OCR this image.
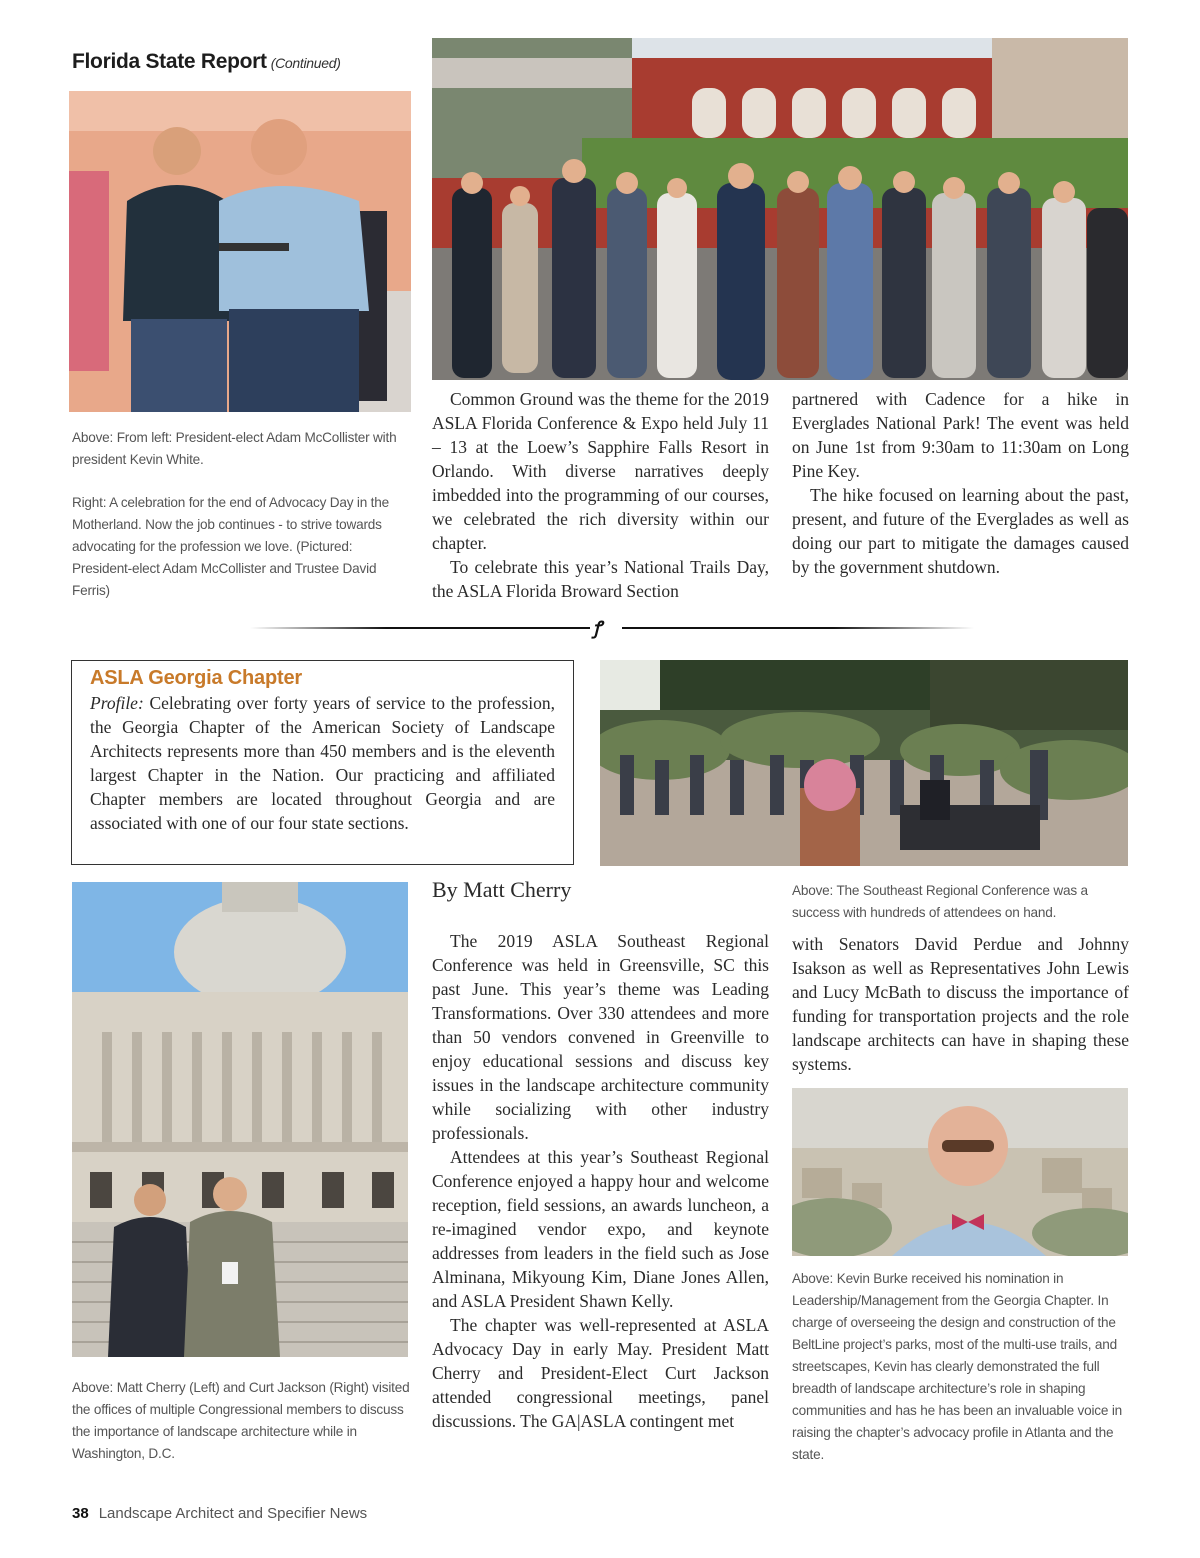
Florida State Report (Continued)
Above: From left: President-elect Adam McCollister with president Kevin White.
Right: A celebration for the end of Advocacy Day in the Motherland. Now the job continues - to strive towards advocating for the profession we love. (Pictured: President-elect Adam McCollister and Trustee David Ferris)

Common Ground was the theme for the 2019 ASLA Florida Conference & Expo held July 11 – 13 at the Loew’s Sapphire Falls Resort in Orlando. With diverse narratives deeply imbedded into the programming of our courses, we celebrated the rich diversity within our chapter.

To celebrate this year’s National Trails Day, the ASLA Florida Broward Section

partnered with Cadence for a hike in Everglades National Park! The event was held on June 1st from 9:30am to 11:30am on Long Pine Key.

The hike focused on learning about the past, present, and future of the Everglades as well as doing our part to mitigate the damages caused by the government shutdown.

ꝭ
ASLA Georgia Chapter
Profile: Celebrating over forty years of service to the profession, the Georgia Chapter of the American Society of Landscape Architects represents more than 450 members and is the eleventh largest Chapter in the Nation. Our practicing and affiliated Chapter members are located throughout Georgia and are associated with one of our four state sections.
Above: The Southeast Regional Conference was a success with hundreds of attendees on hand.
By Matt Cherry
Above: Matt Cherry (Left) and Curt Jackson (Right) visited the offices of multiple Congressional members to discuss the importance of landscape architecture while in Washington, D.C.

The 2019 ASLA Southeast Regional Conference was held in Greensville, SC this past June. This year’s theme was Leading Transformations. Over 330 attendees and more than 50 vendors convened in Greenville to enjoy educational sessions and discuss key issues in the landscape architecture community while socializing with other industry professionals.

Attendees at this year’s Southeast Regional Conference enjoyed a happy hour and welcome reception, field sessions, an awards luncheon, a re-imagined vendor expo, and keynote addresses from leaders in the field such as Jose Alminana, Mikyoung Kim, Diane Jones Allen, and ASLA President Shawn Kelly.

The chapter was well-represented at ASLA Advocacy Day in early May. President Matt Cherry and President-Elect Curt Jackson attended congressional meetings, panel discussions. The GA|ASLA contingent met

with Senators David Perdue and Johnny Isakson as well as Representatives John Lewis and Lucy McBath to discuss the importance of funding for transportation projects and the role landscape architects can have in shaping these systems.

Above: Kevin Burke received his nomination in Leadership/Management from the Georgia Chapter. In charge of overseeing the design and construction of the BeltLine project’s parks, most of the multi-use trails, and streetscapes, Kevin has clearly demonstrated the full breadth of landscape architecture’s role in shaping communities and has he has been an invaluable voice in raising the chapter’s advocacy profile in Atlanta and the state.
38 Landscape Architect and Specifier News
